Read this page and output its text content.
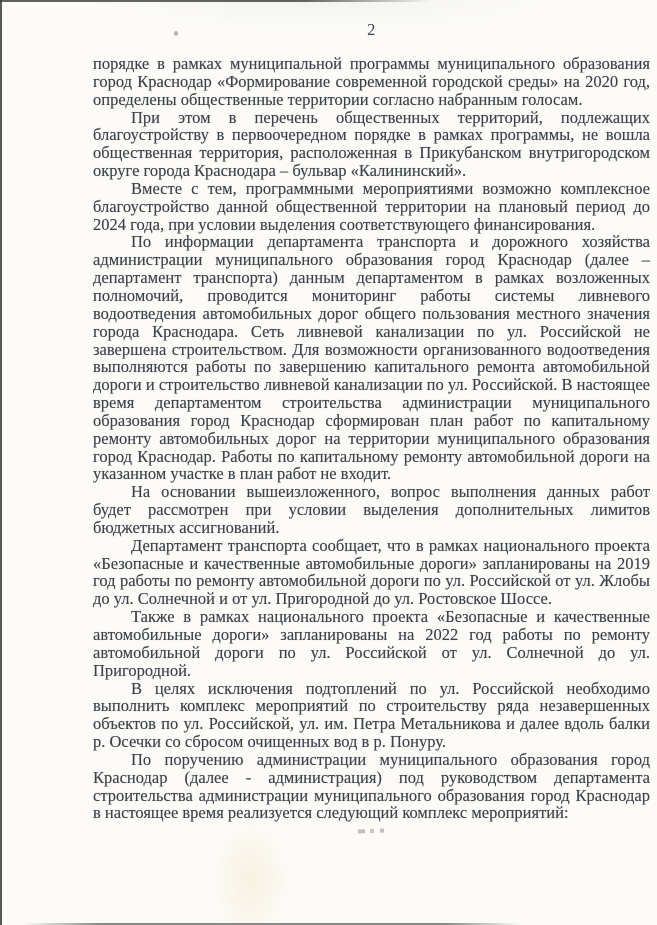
2

порядке в рамках муниципальной программы муниципального образования город Краснодар «Формирование современной городской среды» на 2020 год, определены общественные территории согласно набранным голосам.

При этом в перечень общественных территорий, подлежащих благоустройству в первоочередном порядке в рамках программы, не вошла общественная территория, расположенная в Прикубанском внутригородском округе города Краснодара – бульвар «Калининский».

Вместе с тем, программными мероприятиями возможно комплексное благоустройство данной общественной территории на плановый период до 2024 года, при условии выделения соответствующего финансирования.

По информации департамента транспорта и дорожного хозяйства администрации муниципального образования город Краснодар (далее – департамент транспорта) данным департаментом в рамках возложенных полномочий, проводится мониторинг работы системы ливневого водоотведения автомобильных дорог общего пользования местного значения города Краснодара. Сеть ливневой канализации по ул. Российской не завершена строительством. Для возможности организованного водоотведения выполняются работы по завершению капитального ремонта автомобильной дороги и строительство ливневой канализации по ул. Российской. В настоящее время департаментом строительства администрации муниципального образования город Краснодар сформирован план работ по капитальному ремонту автомобильных дорог на территории муниципального образования город Краснодар. Работы по капитальному ремонту автомобильной дороги на указанном участке в план работ не входит.

На основании вышеизложенного, вопрос выполнения данных работ будет рассмотрен при условии выделения дополнительных лимитов бюджетных ассигнований.

Департамент транспорта сообщает, что в рамках национального проекта «Безопасные и качественные автомобильные дороги» запланированы на 2019 год работы по ремонту автомобильной дороги по ул. Российской от ул. Жлобы до ул. Солнечной и от ул. Пригородной до ул. Ростовское Шоссе.

Также в рамках национального проекта «Безопасные и качественные автомобильные дороги» запланированы на 2022 год работы по ремонту автомобильной дороги по ул. Российской от ул. Солнечной до ул. Пригородной.

В целях исключения подтоплений по ул. Российской необходимо выполнить комплекс мероприятий по строительству ряда незавершенных объектов по ул. Российской, ул. им. Петра Метальникова и далее вдоль балки р. Осечки со сбросом очищенных вод в р. Понуру.

По поручению администрации муниципального образования город Краснодар (далее - администрация) под руководством департамента строительства администрации муниципального образования город Краснодар в настоящее время реализуется следующий комплекс мероприятий:
